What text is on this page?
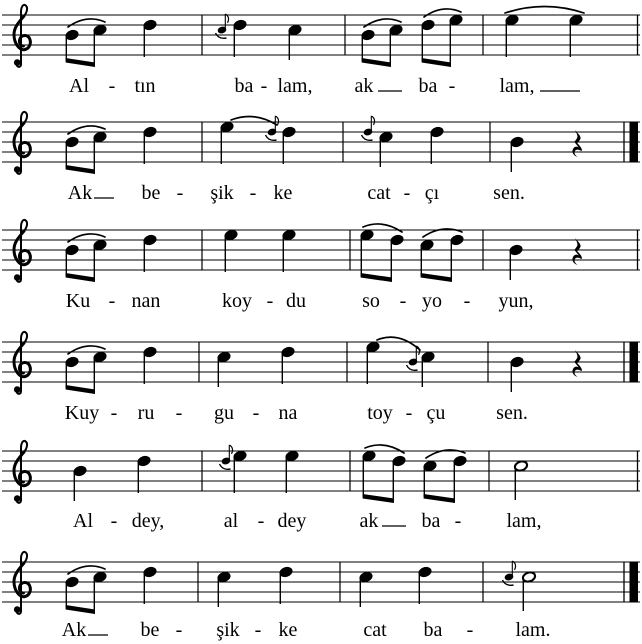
Al - tın	ba - lam, ak ba - lam,
Ak be - şik - ke	cat - çı	sen.
Ku - nan	koy - du	so - yo - yun,
Kuy - ru - gu - na	toy - çu	sen.
Al - dey,	al - dey	ak ba - lam,
Ak	be - şik - ke	cat ba - lam.
